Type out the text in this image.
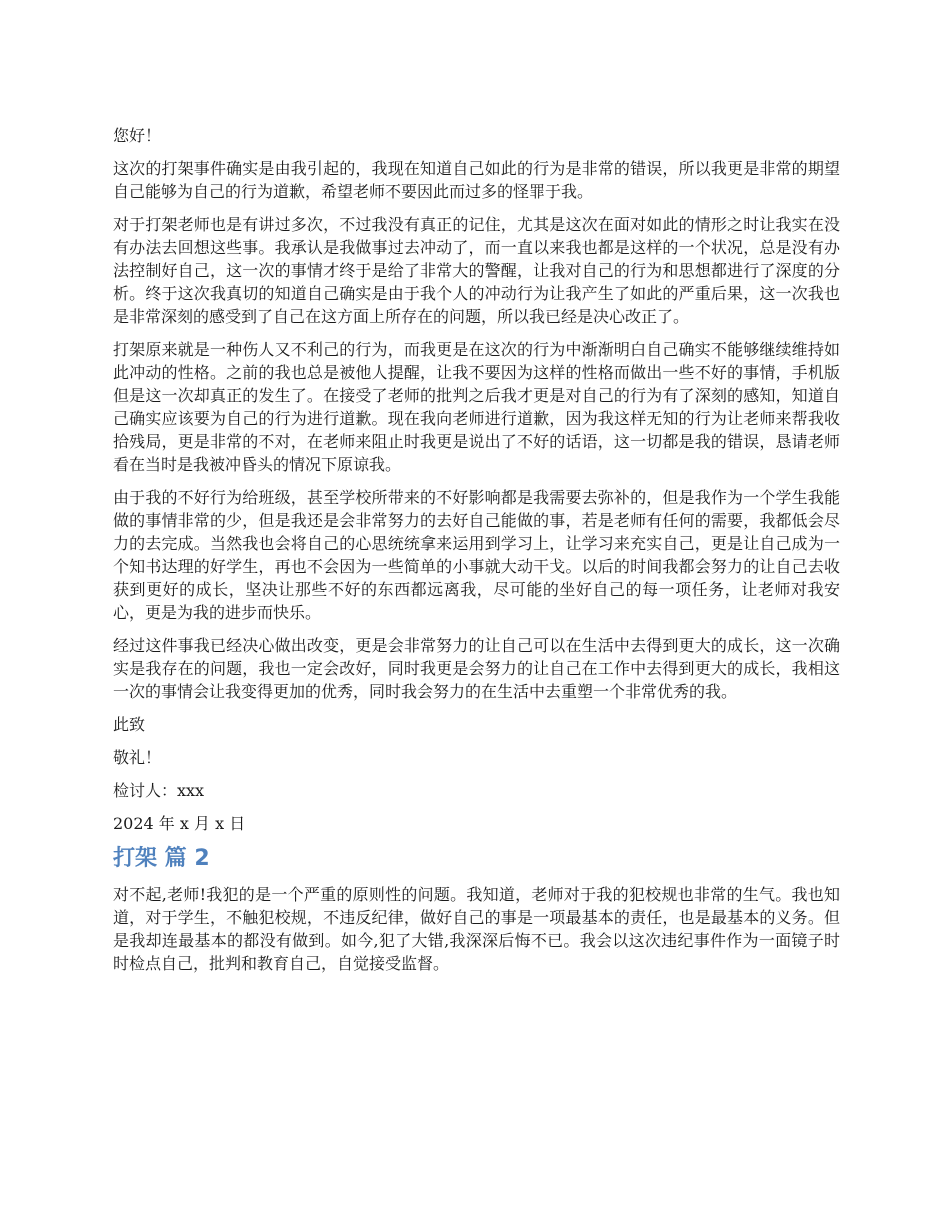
您好！

这次的打架事件确实是由我引起的，我现在知道自己如此的行为是非常的错误，所以我更是非常的期望自己能够为自己的行为道歉，希望老师不要因此而过多的怪罪于我。

对于打架老师也是有讲过多次，不过我没有真正的记住，尤其是这次在面对如此的情形之时让我实在没有办法去回想这些事。我承认是我做事过去冲动了，而一直以来我也都是这样的一个状况，总是没有办法控制好自己，这一次的事情才终于是给了非常大的警醒，让我对自己的行为和思想都进行了深度的分析。终于这次我真切的知道自己确实是由于我个人的冲动行为让我产生了如此的严重后果，这一次我也是非常深刻的感受到了自己在这方面上所存在的问题，所以我已经是决心改正了。

打架原来就是一种伤人又不利己的行为，而我更是在这次的行为中渐渐明白自己确实不能够继续维持如此冲动的性格。之前的我也总是被他人提醒，让我不要因为这样的性格而做出一些不好的事情，手机版但是这一次却真正的发生了。在接受了老师的批判之后我才更是对自己的行为有了深刻的感知，知道自己确实应该要为自己的行为进行道歉。现在我向老师进行道歉，因为我这样无知的行为让老师来帮我收拾残局，更是非常的不对，在老师来阻止时我更是说出了不好的话语，这一切都是我的错误，恳请老师看在当时是我被冲昏头的情况下原谅我。

由于我的不好行为给班级，甚至学校所带来的不好影响都是我需要去弥补的，但是我作为一个学生我能做的事情非常的少，但是我还是会非常努力的去好自己能做的事，若是老师有任何的需要，我都低会尽力的去完成。当然我也会将自己的心思统统拿来运用到学习上，让学习来充实自己，更是让自己成为一个知书达理的好学生，再也不会因为一些简单的小事就大动干戈。以后的时间我都会努力的让自己去收获到更好的成长，坚决让那些不好的东西都远离我，尽可能的坐好自己的每一项任务，让老师对我安心，更是为我的进步而快乐。

经过这件事我已经决心做出改变，更是会非常努力的让自己可以在生活中去得到更大的成长，这一次确实是我存在的问题，我也一定会改好，同时我更是会努力的让自己在工作中去得到更大的成长，我相这一次的事情会让我变得更加的优秀，同时我会努力的在生活中去重塑一个非常优秀的我。

此致

敬礼！

检讨人：xxx

2024 年 x 月 x 日

打架 篇 2

对不起,老师!我犯的是一个严重的原则性的问题。我知道，老师对于我的犯校规也非常的生气。我也知道，对于学生，不触犯校规，不违反纪律，做好自己的事是一项最基本的责任，也是最基本的义务。但是我却连最基本的都没有做到。如今,犯了大错,我深深后悔不已。我会以这次违纪事件作为一面镜子时时检点自己，批判和教育自己，自觉接受监督。
